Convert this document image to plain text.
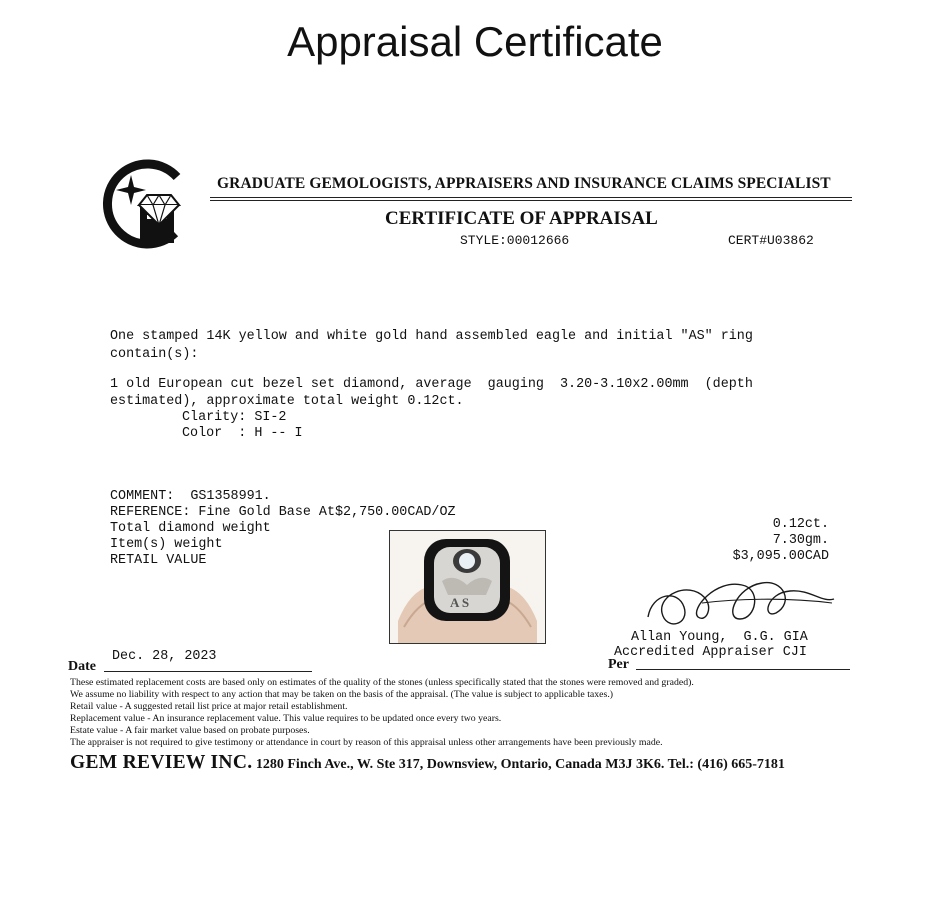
Appraisal Certificate
GRADUATE GEMOLOGISTS, APPRAISERS AND INSURANCE CLAIMS SPECIALIST
CERTIFICATE OF APPRAISAL
STYLE:00012666	CERT#U03862
One stamped 14K yellow and white gold hand assembled eagle and initial "AS" ring
contain(s):
1 old European cut bezel set diamond, average  gauging  3.20-3.10x2.00mm  (depth
estimated), approximate total weight 0.12ct.
Clarity: SI-2
Color  : H -- I
COMMENT:  GS1358991.
REFERENCE: Fine Gold Base At$2,750.00CAD/OZ
Total diamond weight
Item(s) weight
RETAIL VALUE
0.12ct.
7.30gm.
$3,095.00CAD
A S
Allan Young,  G.G. GIA
Accredited Appraiser CJI
Dec. 28, 2023
Date	Per
These estimated replacement costs are based only on estimates of the quality of the stones (unless specifically stated that the stones were removed and graded).
We assume no liability with respect to any action that may be taken on the basis of the appraisal. (The value is subject to applicable taxes.)
Retail value - A suggested retail list price at major retail establishment.
Replacement value - An insurance replacement value. This value requires to be updated once every two years.
Estate value - A fair market value based on probate purposes.
The appraiser is not required to give testimony or attendance in court by reason of this appraisal unless other arrangements have been previously made.
GEM REVIEW INC. 1280 Finch Ave., W. Ste 317, Downsview, Ontario, Canada M3J 3K6. Tel.: (416) 665-7181
